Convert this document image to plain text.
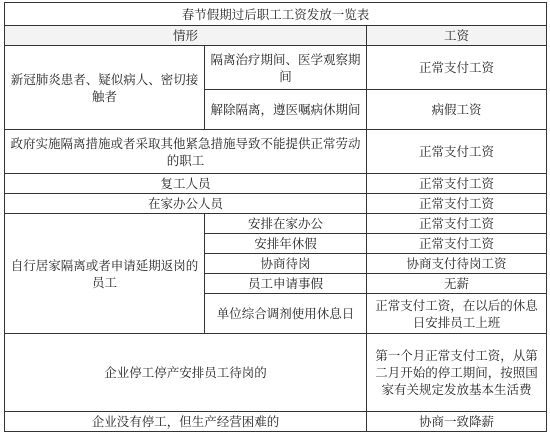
春节假期过后职工工资发放一览表		
情形		工资
新冠肺炎患者、疑似病人、密切接触者	隔离治疗期间、医学观察期间	正常支付工资
	解除隔离，遵医嘱病休期间	病假工资
政府实施隔离措施或者采取其他紧急措施导致不能提供正常劳动的职工		正常支付工资
复工人员		正常支付工资
在家办公人员		正常支付工资
自行居家隔离或者申请延期返岗的员工	安排在家办公	正常支付工资
	安排年休假	正常支付工资
	协商待岗	协商支付待岗工资
	员工申请事假	无薪
	单位综合调剂使用休息日	正常支付工资，在以后的休息日安排员工上班
企业停工停产安排员工待岗的		第一个月正常支付工资，从第二月开始的停工期间，按照国家有关规定发放基本生活费
企业没有停工，但生产经营困难的		协商一致降薪
